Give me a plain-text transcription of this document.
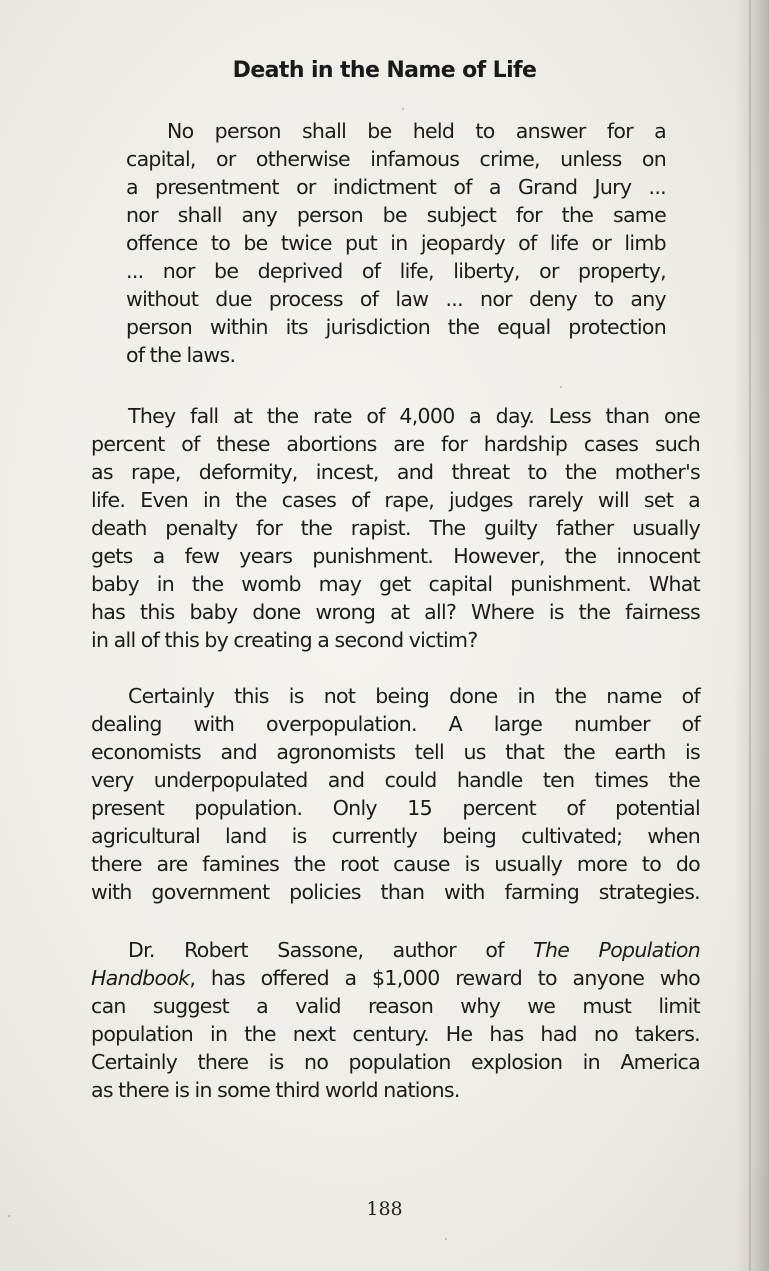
Death in the Name of Life
No person shall be held to answer for a
capital, or otherwise infamous crime, unless on
a presentment or indictment of a Grand Jury ...
nor shall any person be subject for the same
offence to be twice put in jeopardy of life or limb
... nor be deprived of life, liberty, or property,
without due process of law ... nor deny to any
person within its jurisdiction the equal protection
of the laws.
They fall at the rate of 4,000 a day. Less than one
percent of these abortions are for hardship cases such
as rape, deformity, incest, and threat to the mother's
life. Even in the cases of rape, judges rarely will set a
death penalty for the rapist. The guilty father usually
gets a few years punishment. However, the innocent
baby in the womb may get capital punishment. What
has this baby done wrong at all? Where is the fairness
in all of this by creating a second victim?
Certainly this is not being done in the name of
dealing with overpopulation. A large number of
economists and agronomists tell us that the earth is
very underpopulated and could handle ten times the
present population. Only 15 percent of potential
agricultural land is currently being cultivated; when
there are famines the root cause is usually more to do
with government policies than with farming strategies.
Dr. Robert Sassone, author of The Population
Handbook, has offered a $1,000 reward to anyone who
can suggest a valid reason why we must limit
population in the next century. He has had no takers.
Certainly there is no population explosion in America
as there is in some third world nations.
188
